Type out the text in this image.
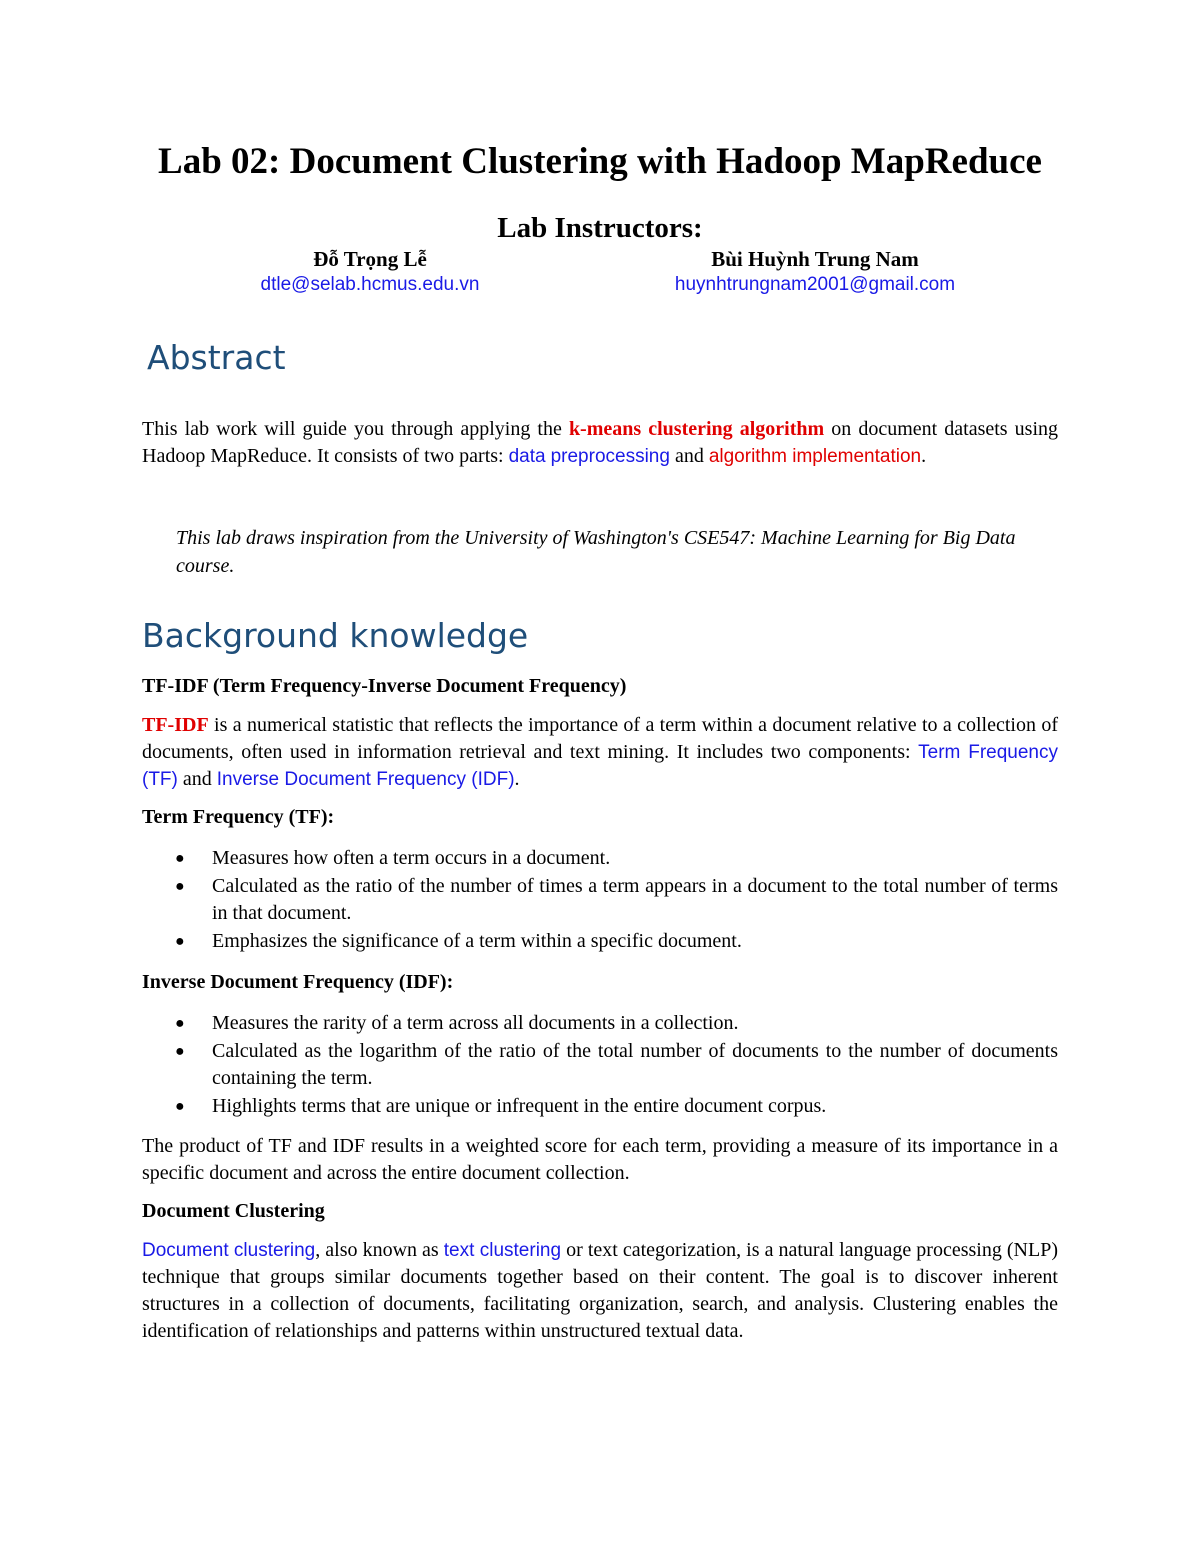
Lab 02: Document Clustering with Hadoop MapReduce
Lab Instructors:
Đỗ Trọng Lễ
dtle@selab.hcmus.edu.vn
Bùi Huỳnh Trung Nam
huynhtrungnam2001@gmail.com
Abstract
This lab work will guide you through applying the k-means clustering algorithm on document datasets using Hadoop MapReduce. It consists of two parts: data preprocessing and algorithm implementation.
This lab draws inspiration from the University of Washington's CSE547: Machine Learning for Big Data course.
Background knowledge
TF-IDF (Term Frequency-Inverse Document Frequency)
TF-IDF is a numerical statistic that reflects the importance of a term within a document relative to a collection of documents, often used in information retrieval and text mining. It includes two components: Term Frequency (TF) and Inverse Document Frequency (IDF).
Term Frequency (TF):
● Measures how often a term occurs in a document.
● Calculated as the ratio of the number of times a term appears in a document to the total number of terms in that document.
● Emphasizes the significance of a term within a specific document.
Inverse Document Frequency (IDF):
● Measures the rarity of a term across all documents in a collection.
● Calculated as the logarithm of the ratio of the total number of documents to the number of documents containing the term.
● Highlights terms that are unique or infrequent in the entire document corpus.
The product of TF and IDF results in a weighted score for each term, providing a measure of its importance in a specific document and across the entire document collection.
Document Clustering
Document clustering, also known as text clustering or text categorization, is a natural language processing (NLP) technique that groups similar documents together based on their content. The goal is to discover inherent structures in a collection of documents, facilitating organization, search, and analysis. Clustering enables the identification of relationships and patterns within unstructured textual data.
